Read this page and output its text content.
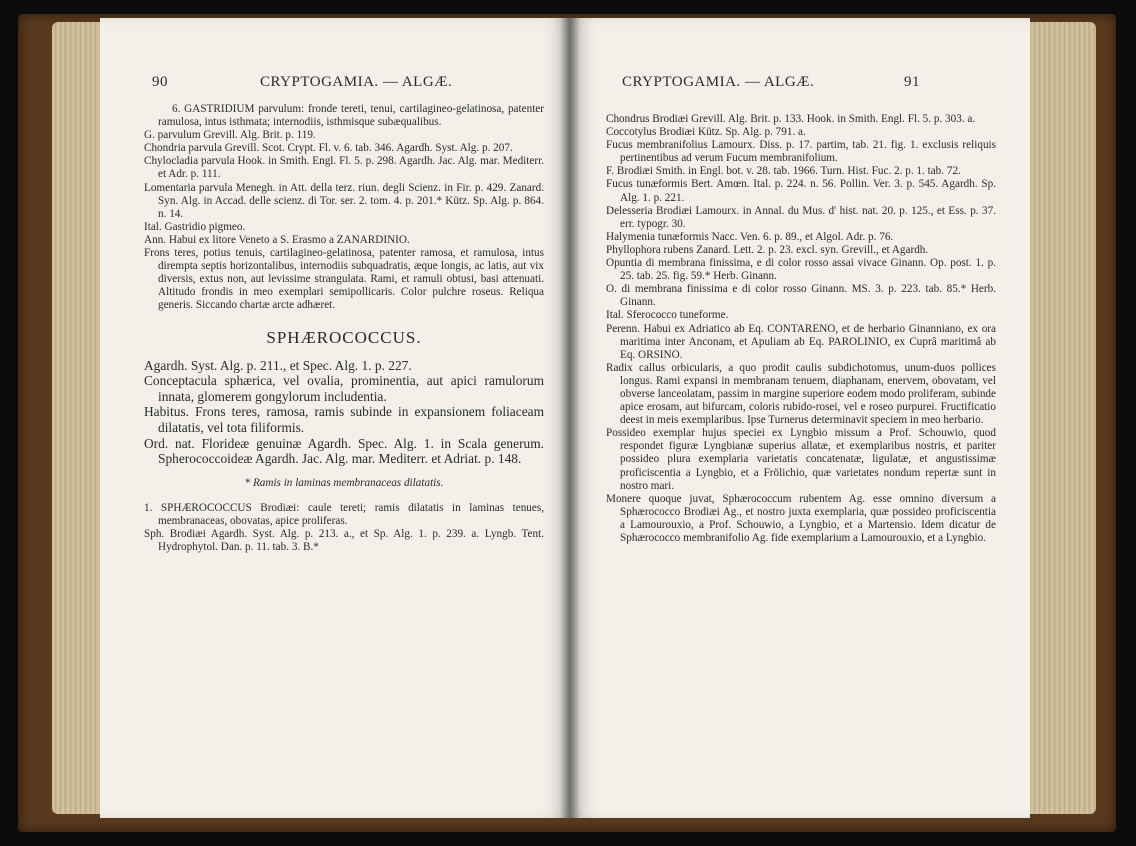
90	CRYPTOGAMIA. — ALGÆ.

6. GASTRIDIUM parvulum: fronde tereti, tenui, cartilagineo-gelatinosa, patenter ramulosa, intus isthmata; internodiis, isthmisque subæqualibus.

G. parvulum Grevill. Alg. Brit. p. 119.

Chondria parvula Grevill. Scot. Crypt. Fl. v. 6. tab. 346. Agardh. Syst. Alg. p. 207.

Chylocladia parvula Hook. in Smith. Engl. Fl. 5. p. 298. Agardh. Jac. Alg. mar. Mediterr. et Adr. p. 111.

Lomentaria parvula Menegh. in Att. della terz. riun. degli Scienz. in Fir. p. 429. Zanard. Syn. Alg. in Accad. delle scienz. di Tor. ser. 2. tom. 4. p. 201.* Kütz. Sp. Alg. p. 864. n. 14.

Ital. Gastridio pigmeo.

Ann. Habui ex litore Veneto a S. Erasmo a ZANARDINIO.

Frons teres, potius tenuis, cartilagineo-gelatinosa, patenter ramosa, et ramulosa, intus dirempta septis horizontalibus, internodiis subquadratis, æque longis, ac latis, aut vix diversis, extus non, aut levissime strangulata. Rami, et ramuli obtusi, basi attenuati. Altitudo frondis in meo exemplari semipollicaris. Color pulchre roseus. Reliqua generis. Siccando chartæ arcte adhæret.

SPHÆROCOCCUS.

Agardh. Syst. Alg. p. 211., et Spec. Alg. 1. p. 227.

Conceptacula sphærica, vel ovalia, prominentia, aut apici ramulorum innata, glomerem gongylorum includentia.

Habitus. Frons teres, ramosa, ramis subinde in expansionem foliaceam dilatatis, vel tota filiformis.

Ord. nat. Florideæ genuinæ Agardh. Spec. Alg. 1. in Scala generum. Spherococcoideæ Agardh. Jac. Alg. mar. Mediterr. et Adriat. p. 148.

* Ramis in laminas membranaceas dilatatis.

1. SPHÆROCOCCUS Brodiæi: caule tereti; ramis dilatatis in laminas tenues, membranaceas, obovatas, apice proliferas.

Sph. Brodiæi Agardh. Syst. Alg. p. 213. a., et Sp. Alg. 1. p. 239. a. Lyngb. Tent. Hydrophytol. Dan. p. 11. tab. 3. B.*

CRYPTOGAMIA. — ALGÆ.	91

Chondrus Brodiæi Grevill. Alg. Brit. p. 133. Hook. in Smith. Engl. Fl. 5. p. 303. a.

Coccotylus Brodiæi Kütz. Sp. Alg. p. 791. a.

Fucus membranifolius Lamourx. Diss. p. 17. partim, tab. 21. fig. 1. exclusis reliquis pertinentibus ad verum Fucum membranifolium.

F. Brodiæi Smith. in Engl. bot. v. 28. tab. 1966. Turn. Hist. Fuc. 2. p. 1. tab. 72.

Fucus tunæformis Bert. Amœn. Ital. p. 224. n. 56. Pollin. Ver. 3. p. 545. Agardh. Sp. Alg. 1. p. 221.

Delesseria Brodiæi Lamourx. in Annal. du Mus. d' hist. nat. 20. p. 125., et Ess. p. 37. err. typogr. 30.

Halymenia tunæformis Nacc. Ven. 6. p. 89., et Algol. Adr. p. 76.

Phyllophora rubens Zanard. Lett. 2. p. 23. excl. syn. Grevill., et Agardh.

Opuntia di membrana finissima, e di color rosso assai vivace Ginann. Op. post. 1. p. 25. tab. 25. fig. 59.* Herb. Ginann.

O. di membrana finissima e di color rosso Ginann. MS. 3. p. 223. tab. 85.* Herb. Ginann.

Ital. Sferococco tuneforme.

Perenn. Habui ex Adriatico ab Eq. CONTARENO, et de herbario Ginanniano, ex ora maritima inter Anconam, et Apuliam ab Eq. PAROLINIO, ex Cuprâ maritimâ ab Eq. ORSINO.

Radix callus orbicularis, a quo prodit caulis subdichotomus, unum-duos pollices longus. Rami expansi in membranam tenuem, diaphanam, enervem, obovatam, vel obverse lanceolatam, passim in margine superiore eodem modo proliferam, subinde apice erosam, aut bifurcam, coloris rubido-rosei, vel e roseo purpurei. Fructificatio deest in meis exemplaribus. Ipse Turnerus determinavit speciem in meo herbario.

Possideo exemplar hujus speciei ex Lyngbio missum a Prof. Schouwio, quod respondet figuræ Lyngbianæ superius allatæ, et exemplaribus nostris, et pariter possideo plura exemplaria varietatis concatenatæ, ligulatæ, et angustissimæ proficiscentia a Lyngbio, et a Frölichio, quæ varietates nondum repertæ sunt in nostro mari.

Monere quoque juvat, Sphærococcum rubentem Ag. esse omnino diversum a Sphærococco Brodiæi Ag., et nostro juxta exemplaria, quæ possideo proficiscentia a Lamourouxio, a Prof. Schouwio, a Lyngbio, et a Martensio. Idem dicatur de Sphærococco membranifolio Ag. fide exemplarium a Lamourouxio, et a Lyngbio.
